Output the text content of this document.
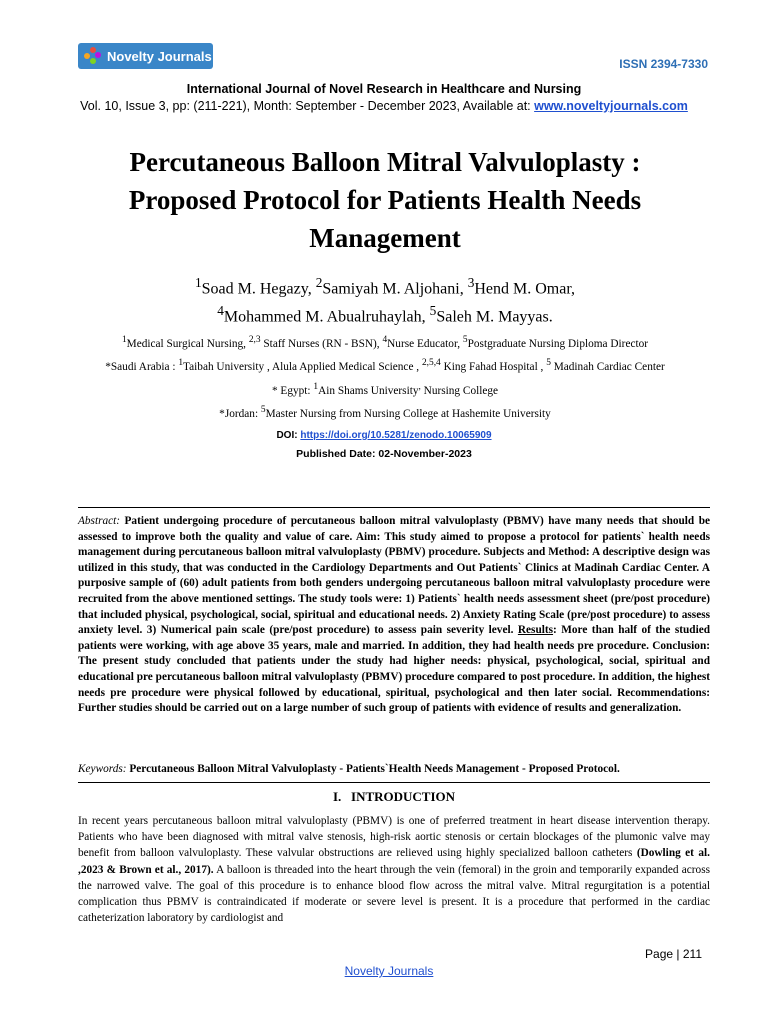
Novelty Journals
ISSN 2394-7330
International Journal of Novel Research in Healthcare and Nursing
Vol. 10, Issue 3, pp: (211-221), Month: September - December 2023, Available at: www.noveltyjournals.com
Percutaneous Balloon Mitral Valvuloplasty :
Proposed Protocol for Patients Health Needs
Management
$^1$Soad M. Hegazy, $^2$Samiyah M. Aljohani, $^3$Hend M. Omar,
$^4$Mohammed M. Abualruhaylah, $^5$Saleh M. Mayyas.
$^1$Medical Surgical Nursing, $^{2,3}$ Staff Nurses (RN - BSN), $^4$Nurse Educator, $^5$Postgraduate Nursing Diploma Director
*Saudi Arabia : $^1$Taibah University , Alula Applied Medical Science , $^{2,5,4}$ King Fahad Hospital , $^5$ Madinah Cardiac Center
* Egypt: $^1$Ain Shams University, Nursing College
*Jordan: $^5$Master Nursing from Nursing College at Hashemite University
DOI: https://doi.org/10.5281/zenodo.10065909
Published Date: 02-November-2023
Abstract: Patient undergoing procedure of percutaneous balloon mitral valvuloplasty (PBMV) have many needs that should be assessed to improve both the quality and value of care. Aim: This study aimed to propose a protocol for patients` health needs management during percutaneous balloon mitral valvuloplasty (PBMV) procedure. Subjects and Method: A descriptive design was utilized in this study, that was conducted in the Cardiology Departments and Out Patients` Clinics at Madinah Cardiac Center. A purposive sample of (60) adult patients from both genders undergoing percutaneous balloon mitral valvuloplasty procedure were recruited from the above mentioned settings. The study tools were: 1) Patients` health needs assessment sheet (pre/post procedure) that included physical, psychological, social, spiritual and educational needs. 2) Anxiety Rating Scale (pre/post procedure) to assess anxiety level. 3) Numerical pain scale (pre/post procedure) to assess pain severity level. Results: More than half of the studied patients were working, with age above 35 years, male and married. In addition, they had health needs pre procedure. Conclusion: The present study concluded that patients under the study had higher needs: physical, psychological, social, spiritual and educational pre percutaneous balloon mitral valvuloplasty (PBMV) procedure compared to post procedure. In addition, the highest needs pre procedure were physical followed by educational, spiritual, psychological and then later social. Recommendations: Further studies should be carried out on a large number of such group of patients with evidence of results and generalization.
Keywords: Percutaneous Balloon Mitral Valvuloplasty - Patients`Health Needs Management - Proposed Protocol.
I.   INTRODUCTION
In recent years percutaneous balloon mitral valvuloplasty (PBMV) is one of preferred treatment in heart disease intervention therapy. Patients who have been diagnosed with mitral valve stenosis, high-risk aortic stenosis or certain blockages of the plumonic valve may benefit from balloon valvuloplasty. These valvular obstructions are relieved using highly specialized balloon catheters (Dowling et al. ,2023 & Brown et al., 2017). A balloon is threaded into the heart through the vein (femoral) in the groin and temporarily expanded across the narrowed valve. The goal of this procedure is to enhance blood flow across the mitral valve. Mitral regurgitation is a potential complication thus PBMV is contraindicated if moderate or severe level is present. It is a procedure that performed in the cardiac catheterization laboratory by cardiologist and
Page | 211
Novelty Journals
